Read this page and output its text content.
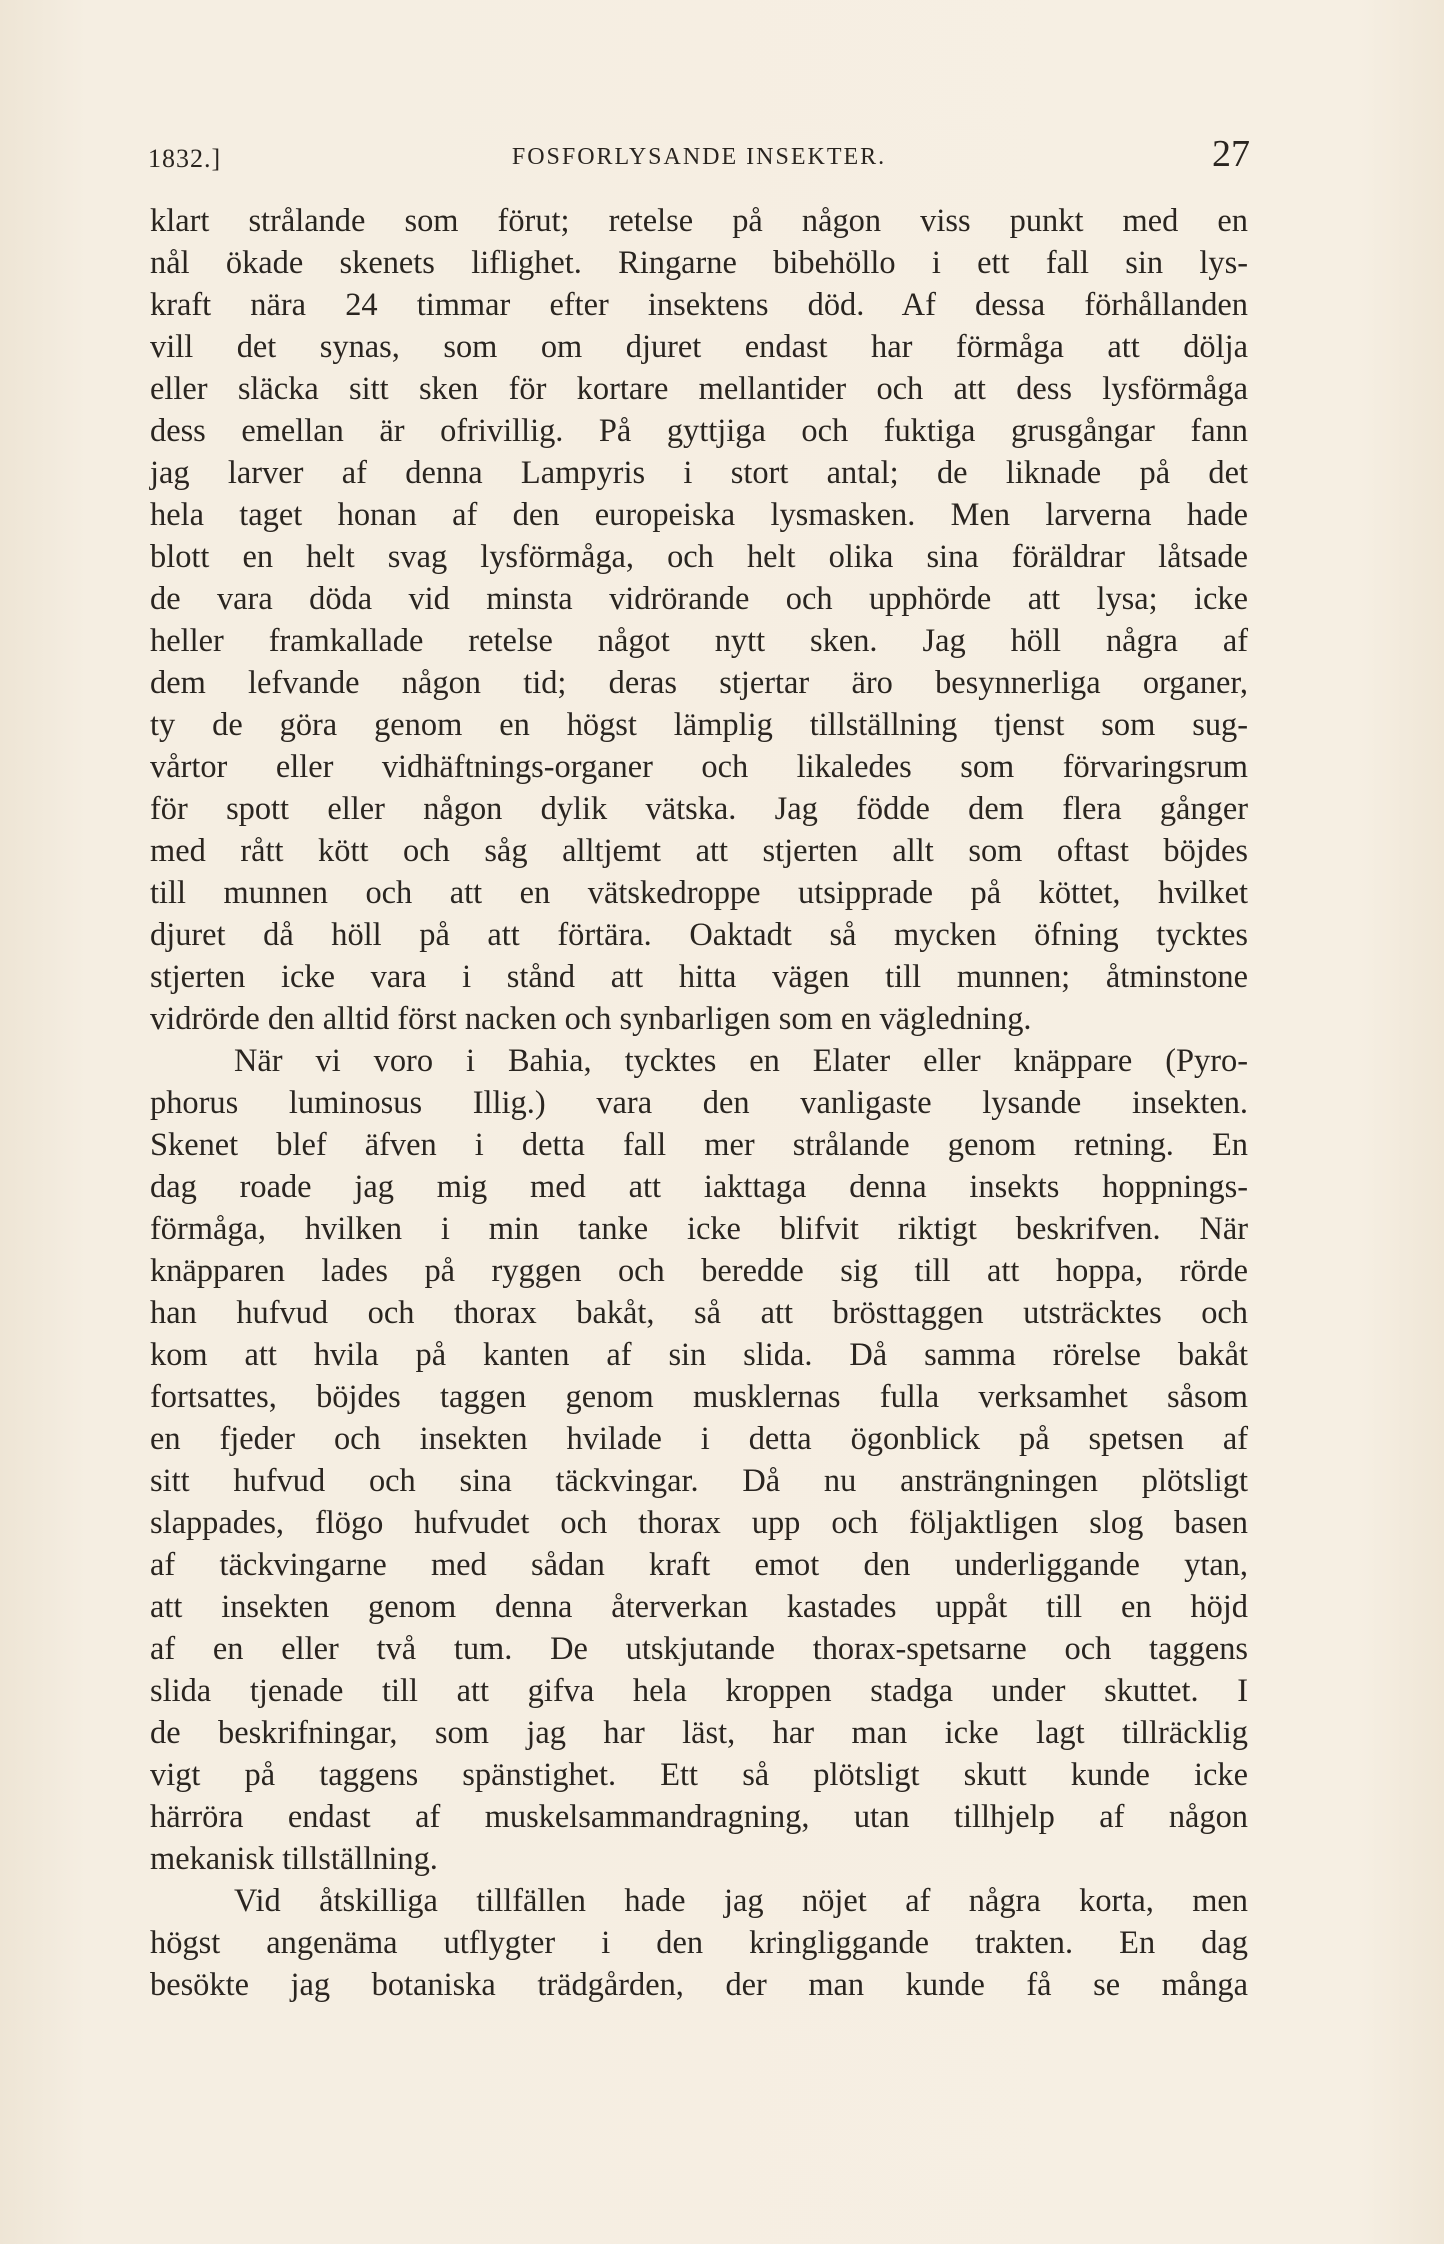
1832.]	FOSFORLYSANDE INSEKTER.	27
klart strålande som förut; retelse på någon viss punkt med en
nål ökade skenets liflighet. Ringarne bibehöllo i ett fall sin lys-
kraft nära 24 timmar efter insektens död. Af dessa förhållanden
vill det synas, som om djuret endast har förmåga att dölja
eller släcka sitt sken för kortare mellantider och att dess lysförmåga
dess emellan är ofrivillig. På gyttjiga och fuktiga grusgångar fann
jag larver af denna Lampyris i stort antal; de liknade på det
hela taget honan af den europeiska lysmasken. Men larverna hade
blott en helt svag lysförmåga, och helt olika sina föräldrar låtsade
de vara döda vid minsta vidrörande och upphörde att lysa; icke
heller framkallade retelse något nytt sken. Jag höll några af
dem lefvande någon tid; deras stjertar äro besynnerliga organer,
ty de göra genom en högst lämplig tillställning tjenst som sug-
vårtor eller vidhäftnings-organer och likaledes som förvaringsrum
för spott eller någon dylik vätska. Jag födde dem flera gånger
med rått kött och såg alltjemt att stjerten allt som oftast böjdes
till munnen och att en vätskedroppe utsipprade på köttet, hvilket
djuret då höll på att förtära. Oaktadt så mycken öfning tycktes
stjerten icke vara i stånd att hitta vägen till munnen; åtminstone
vidrörde den alltid först nacken och synbarligen som en vägledning.
När vi voro i Bahia, tycktes en Elater eller knäppare (Pyro-
phorus luminosus Illig.) vara den vanligaste lysande insekten.
Skenet blef äfven i detta fall mer strålande genom retning. En
dag roade jag mig med att iakttaga denna insekts hoppnings-
förmåga, hvilken i min tanke icke blifvit riktigt beskrifven. När
knäpparen lades på ryggen och beredde sig till att hoppa, rörde
han hufvud och thorax bakåt, så att brösttaggen utsträcktes och
kom att hvila på kanten af sin slida. Då samma rörelse bakåt
fortsattes, böjdes taggen genom musklernas fulla verksamhet såsom
en fjeder och insekten hvilade i detta ögonblick på spetsen af
sitt hufvud och sina täckvingar. Då nu ansträngningen plötsligt
slappades, flögo hufvudet och thorax upp och följaktligen slog basen
af täckvingarne med sådan kraft emot den underliggande ytan,
att insekten genom denna återverkan kastades uppåt till en höjd
af en eller två tum. De utskjutande thorax-spetsarne och taggens
slida tjenade till att gifva hela kroppen stadga under skuttet. I
de beskrifningar, som jag har läst, har man icke lagt tillräcklig
vigt på taggens spänstighet. Ett så plötsligt skutt kunde icke
härröra endast af muskelsammandragning, utan tillhjelp af någon
mekanisk tillställning.
Vid åtskilliga tillfällen hade jag nöjet af några korta, men
högst angenäma utflygter i den kringliggande trakten. En dag
besökte jag botaniska trädgården, der man kunde få se många
